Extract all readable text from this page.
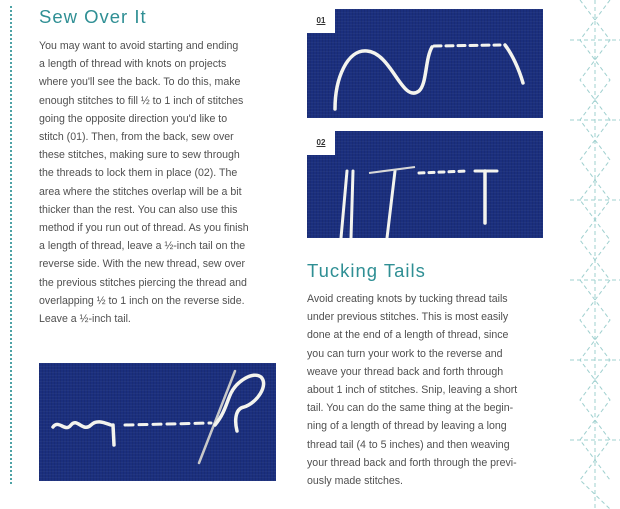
Sew Over It

You may want to avoid starting and ending
a length of thread with knots on projects
where you'll see the back. To do this, make
enough stitches to fill ½ to 1 inch of stitches
going the opposite direction you'd like to
stitch (01). Then, from the back, sew over
these stitches, making sure to sew through
the threads to lock them in place (02). The
area where the stitches overlap will be a bit
thicker than the rest. You can also use this
method if you run out of thread. As you finish
a length of thread, leave a ½-inch tail on the
reverse side. With the new thread, sew over
the previous stitches piercing the thread and
overlapping ½ to 1 inch on the reverse side.
Leave a ½-inch tail.

01
02
Tucking Tails

Avoid creating knots by tucking thread tails
under previous stitches. This is most easily
done at the end of a length of thread, since
you can turn your work to the reverse and
weave your thread back and forth through
about 1 inch of stitches. Snip, leaving a short
tail. You can do the same thing at the begin-
ning of a length of thread by leaving a long
thread tail (4 to 5 inches) and then weaving
your thread back and forth through the previ-
ously made stitches.
